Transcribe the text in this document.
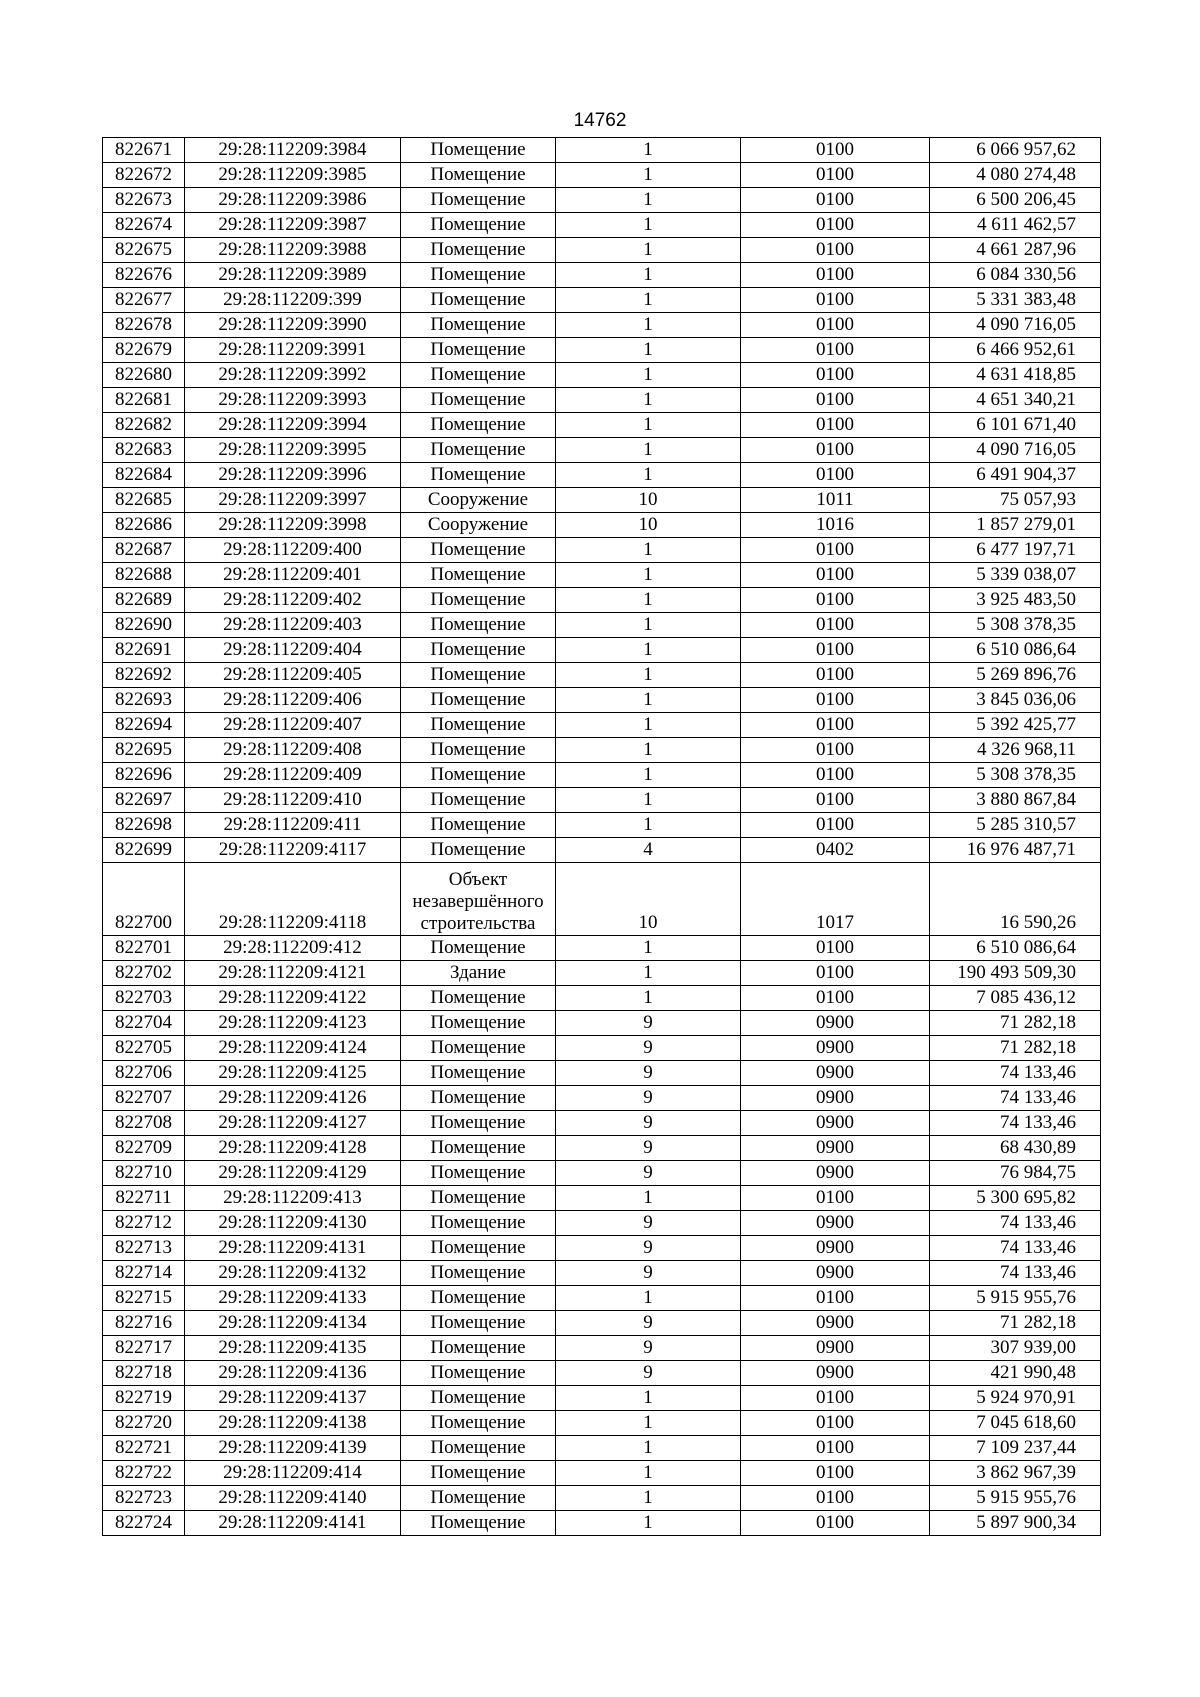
14762
822671	29:28:112209:3984	Помещение	1	0100	6 066 957,62
822672	29:28:112209:3985	Помещение	1	0100	4 080 274,48
822673	29:28:112209:3986	Помещение	1	0100	6 500 206,45
822674	29:28:112209:3987	Помещение	1	0100	4 611 462,57
822675	29:28:112209:3988	Помещение	1	0100	4 661 287,96
822676	29:28:112209:3989	Помещение	1	0100	6 084 330,56
822677	29:28:112209:399	Помещение	1	0100	5 331 383,48
822678	29:28:112209:3990	Помещение	1	0100	4 090 716,05
822679	29:28:112209:3991	Помещение	1	0100	6 466 952,61
822680	29:28:112209:3992	Помещение	1	0100	4 631 418,85
822681	29:28:112209:3993	Помещение	1	0100	4 651 340,21
822682	29:28:112209:3994	Помещение	1	0100	6 101 671,40
822683	29:28:112209:3995	Помещение	1	0100	4 090 716,05
822684	29:28:112209:3996	Помещение	1	0100	6 491 904,37
822685	29:28:112209:3997	Сооружение	10	1011	75 057,93
822686	29:28:112209:3998	Сооружение	10	1016	1 857 279,01
822687	29:28:112209:400	Помещение	1	0100	6 477 197,71
822688	29:28:112209:401	Помещение	1	0100	5 339 038,07
822689	29:28:112209:402	Помещение	1	0100	3 925 483,50
822690	29:28:112209:403	Помещение	1	0100	5 308 378,35
822691	29:28:112209:404	Помещение	1	0100	6 510 086,64
822692	29:28:112209:405	Помещение	1	0100	5 269 896,76
822693	29:28:112209:406	Помещение	1	0100	3 845 036,06
822694	29:28:112209:407	Помещение	1	0100	5 392 425,77
822695	29:28:112209:408	Помещение	1	0100	4 326 968,11
822696	29:28:112209:409	Помещение	1	0100	5 308 378,35
822697	29:28:112209:410	Помещение	1	0100	3 880 867,84
822698	29:28:112209:411	Помещение	1	0100	5 285 310,57
822699	29:28:112209:4117	Помещение	4	0402	16 976 487,71
822700	29:28:112209:4118	Объект незавершённого строительства	10	1017	16 590,26
822701	29:28:112209:412	Помещение	1	0100	6 510 086,64
822702	29:28:112209:4121	Здание	1	0100	190 493 509,30
822703	29:28:112209:4122	Помещение	1	0100	7 085 436,12
822704	29:28:112209:4123	Помещение	9	0900	71 282,18
822705	29:28:112209:4124	Помещение	9	0900	71 282,18
822706	29:28:112209:4125	Помещение	9	0900	74 133,46
822707	29:28:112209:4126	Помещение	9	0900	74 133,46
822708	29:28:112209:4127	Помещение	9	0900	74 133,46
822709	29:28:112209:4128	Помещение	9	0900	68 430,89
822710	29:28:112209:4129	Помещение	9	0900	76 984,75
822711	29:28:112209:413	Помещение	1	0100	5 300 695,82
822712	29:28:112209:4130	Помещение	9	0900	74 133,46
822713	29:28:112209:4131	Помещение	9	0900	74 133,46
822714	29:28:112209:4132	Помещение	9	0900	74 133,46
822715	29:28:112209:4133	Помещение	1	0100	5 915 955,76
822716	29:28:112209:4134	Помещение	9	0900	71 282,18
822717	29:28:112209:4135	Помещение	9	0900	307 939,00
822718	29:28:112209:4136	Помещение	9	0900	421 990,48
822719	29:28:112209:4137	Помещение	1	0100	5 924 970,91
822720	29:28:112209:4138	Помещение	1	0100	7 045 618,60
822721	29:28:112209:4139	Помещение	1	0100	7 109 237,44
822722	29:28:112209:414	Помещение	1	0100	3 862 967,39
822723	29:28:112209:4140	Помещение	1	0100	5 915 955,76
822724	29:28:112209:4141	Помещение	1	0100	5 897 900,34
